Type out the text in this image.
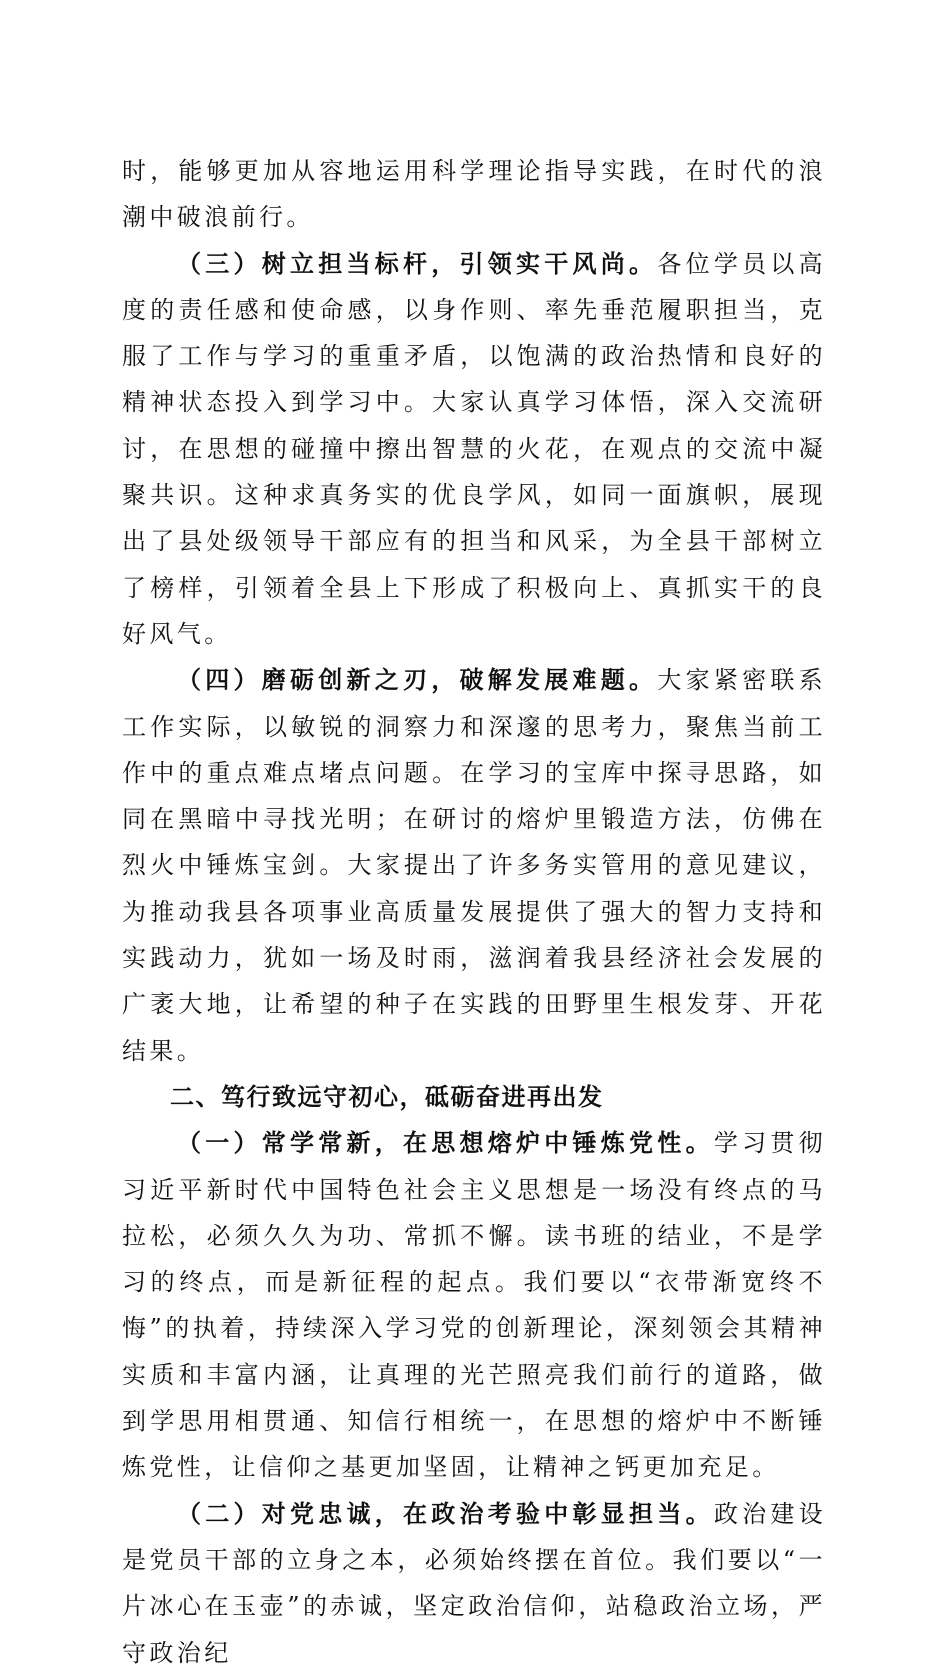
时，能够更加从容地运用科学理论指导实践，在时代的浪潮中破浪前行。

（三）树立担当标杆，引领实干风尚。各位学员以高度的责任感和使命感，以身作则、率先垂范履职担当，克服了工作与学习的重重矛盾，以饱满的政治热情和良好的精神状态投入到学习中。大家认真学习体悟，深入交流研讨，在思想的碰撞中擦出智慧的火花，在观点的交流中凝聚共识。这种求真务实的优良学风，如同一面旗帜，展现出了县处级领导干部应有的担当和风采，为全县干部树立了榜样，引领着全县上下形成了积极向上、真抓实干的良好风气。

（四）磨砺创新之刃，破解发展难题。大家紧密联系工作实际，以敏锐的洞察力和深邃的思考力，聚焦当前工作中的重点难点堵点问题。在学习的宝库中探寻思路，如同在黑暗中寻找光明；在研讨的熔炉里锻造方法，仿佛在烈火中锤炼宝剑。大家提出了许多务实管用的意见建议，为推动我县各项事业高质量发展提供了强大的智力支持和实践动力，犹如一场及时雨，滋润着我县经济社会发展的广袤大地，让希望的种子在实践的田野里生根发芽、开花结果。

二、笃行致远守初心，砥砺奋进再出发

（一）常学常新，在思想熔炉中锤炼党性。学习贯彻习近平新时代中国特色社会主义思想是一场没有终点的马拉松，必须久久为功、常抓不懈。读书班的结业，不是学习的终点，而是新征程的起点。我们要以“衣带渐宽终不悔”的执着，持续深入学习党的创新理论，深刻领会其精神实质和丰富内涵，让真理的光芒照亮我们前行的道路，做到学思用相贯通、知信行相统一，在思想的熔炉中不断锤炼党性，让信仰之基更加坚固，让精神之钙更加充足。

（二）对党忠诚，在政治考验中彰显担当。政治建设是党员干部的立身之本，必须始终摆在首位。我们要以“一片冰心在玉壶”的赤诚，坚定政治信仰，站稳政治立场，严守政治纪
